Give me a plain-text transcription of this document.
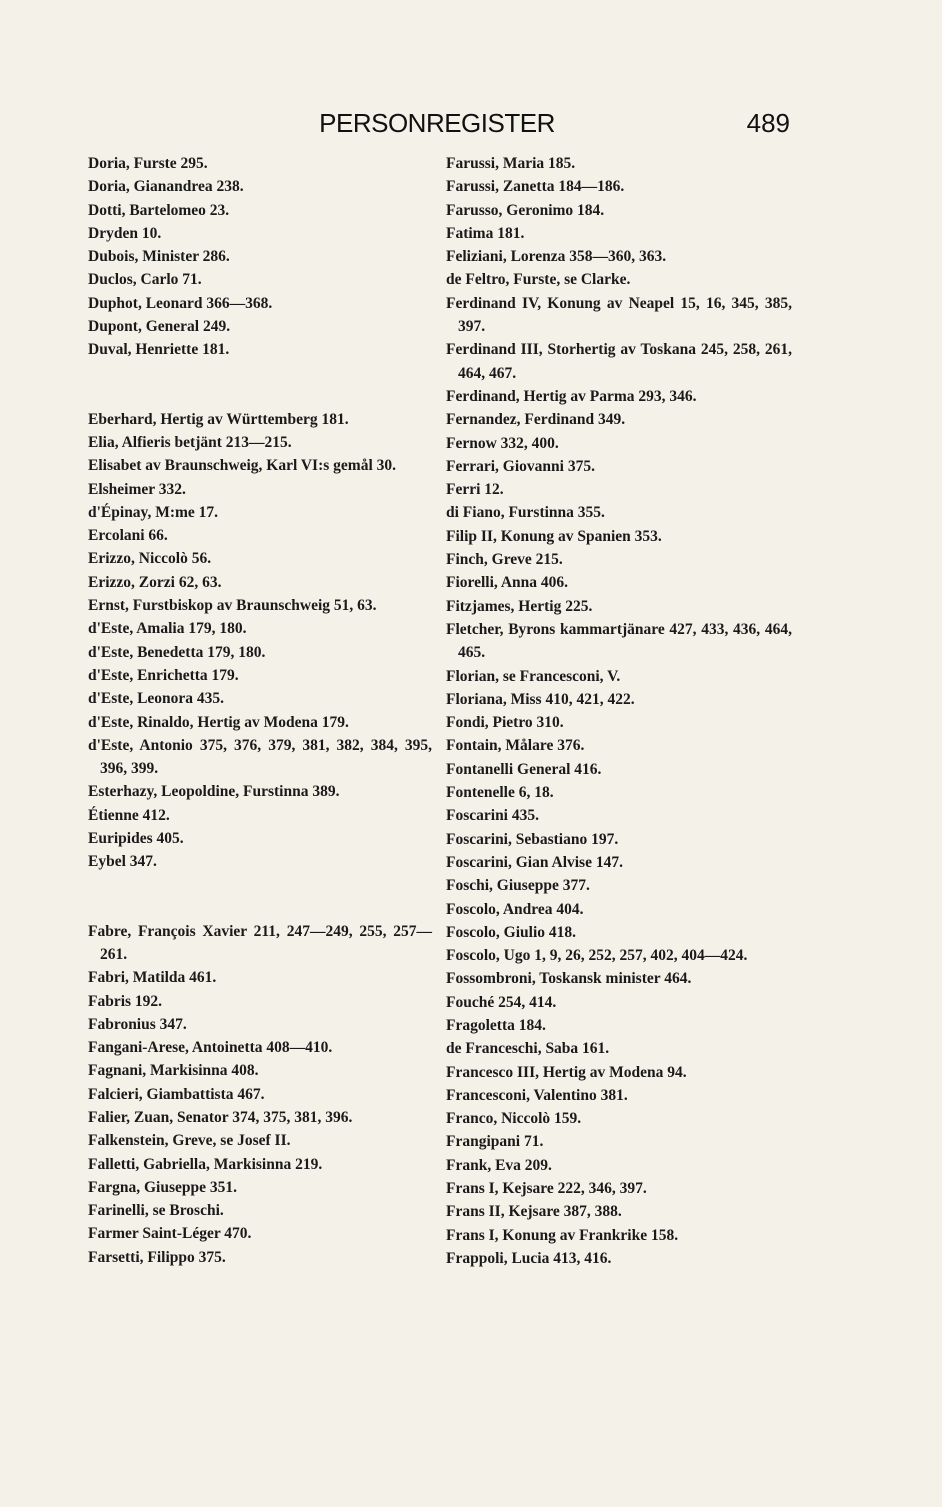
PERSONREGISTER	489
Doria, Furste 295.
Doria, Gianandrea 238.
Dotti, Bartelomeo 23.
Dryden 10.
Dubois, Minister 286.
Duclos, Carlo 71.
Duphot, Leonard 366—368.
Dupont, General 249.
Duval, Henriette 181.
Eberhard, Hertig av Württemberg 181.
Elia, Alfieris betjänt 213—215.
Elisabet av Braunschweig, Karl VI:s gemål 30.
Elsheimer 332.
d'Épinay, M:me 17.
Ercolani 66.
Erizzo, Niccolò 56.
Erizzo, Zorzi 62, 63.
Ernst, Furstbiskop av Braunschweig 51, 63.
d'Este, Amalia 179, 180.
d'Este, Benedetta 179, 180.
d'Este, Enrichetta 179.
d'Este, Leonora 435.
d'Este, Rinaldo, Hertig av Modena 179.
d'Este, Antonio 375, 376, 379, 381, 382, 384, 395, 396, 399.
Esterhazy, Leopoldine, Furstinna 389.
Étienne 412.
Euripides 405.
Eybel 347.
Fabre, François Xavier 211, 247—249, 255, 257—261.
Fabri, Matilda 461.
Fabris 192.
Fabronius 347.
Fangani-Arese, Antoinetta 408—410.
Fagnani, Markisinna 408.
Falcieri, Giambattista 467.
Falier, Zuan, Senator 374, 375, 381, 396.
Falkenstein, Greve, se Josef II.
Falletti, Gabriella, Markisinna 219.
Fargna, Giuseppe 351.
Farinelli, se Broschi.
Farmer Saint-Léger 470.
Farsetti, Filippo 375.
Farussi, Maria 185.
Farussi, Zanetta 184—186.
Farusso, Geronimo 184.
Fatima 181.
Feliziani, Lorenza 358—360, 363.
de Feltro, Furste, se Clarke.
Ferdinand IV, Konung av Neapel 15, 16, 345, 385, 397.
Ferdinand III, Storhertig av Toskana 245, 258, 261, 464, 467.
Ferdinand, Hertig av Parma 293, 346.
Fernandez, Ferdinand 349.
Fernow 332, 400.
Ferrari, Giovanni 375.
Ferri 12.
di Fiano, Furstinna 355.
Filip II, Konung av Spanien 353.
Finch, Greve 215.
Fiorelli, Anna 406.
Fitzjames, Hertig 225.
Fletcher, Byrons kammartjänare 427, 433, 436, 464, 465.
Florian, se Francesconi, V.
Floriana, Miss 410, 421, 422.
Fondi, Pietro 310.
Fontain, Målare 376.
Fontanelli General 416.
Fontenelle 6, 18.
Foscarini 435.
Foscarini, Sebastiano 197.
Foscarini, Gian Alvise 147.
Foschi, Giuseppe 377.
Foscolo, Andrea 404.
Foscolo, Giulio 418.
Foscolo, Ugo 1, 9, 26, 252, 257, 402, 404—424.
Fossombroni, Toskansk minister 464.
Fouché 254, 414.
Fragoletta 184.
de Franceschi, Saba 161.
Francesco III, Hertig av Modena 94.
Francesconi, Valentino 381.
Franco, Niccolò 159.
Frangipani 71.
Frank, Eva 209.
Frans I, Kejsare 222, 346, 397.
Frans II, Kejsare 387, 388.
Frans I, Konung av Frankrike 158.
Frappoli, Lucia 413, 416.
